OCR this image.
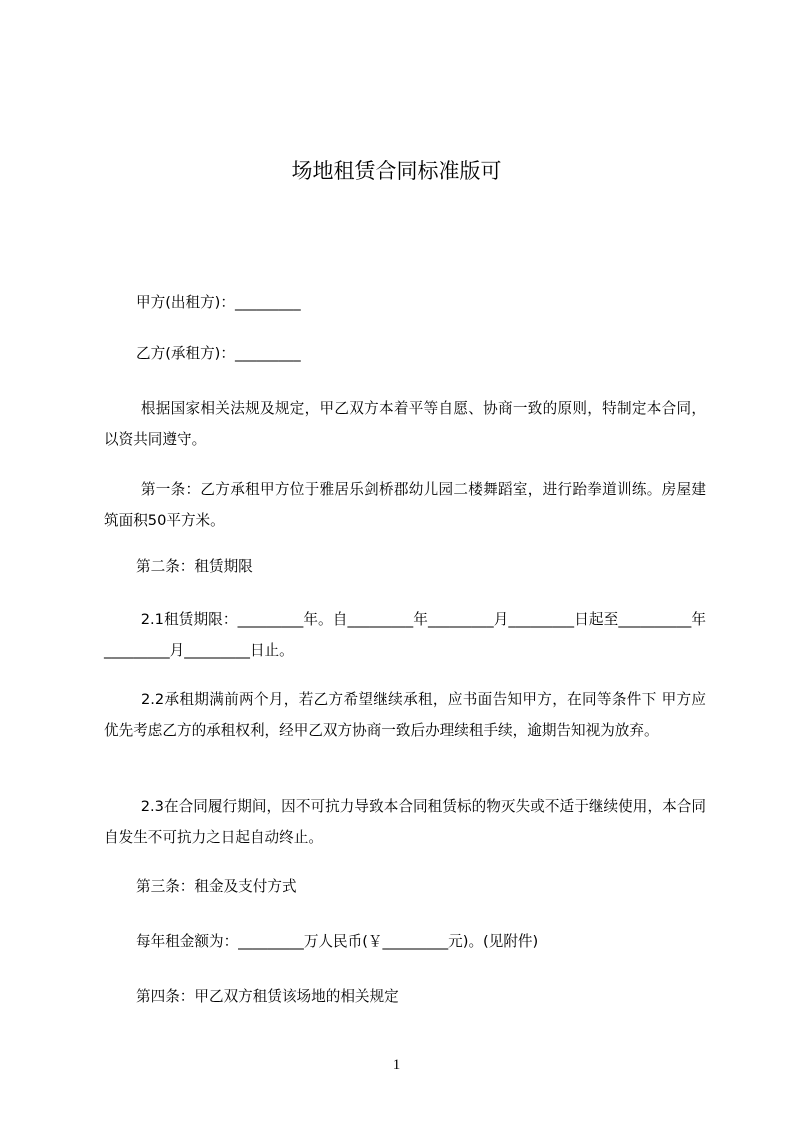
场地租赁合同标准版可

甲方(出租方)：_________

乙方(承租方)：_________

根据国家相关法规及规定，甲乙双方本着平等自愿、协商一致的原则，特制定本合同，以资共同遵守。

第一条：乙方承租甲方位于雅居乐剑桥郡幼儿园二楼舞蹈室，进行跆拳道训练。房屋建筑面积50平方米。

第二条：租赁期限

2.1租赁期限：_________年。自_________年_________月_________日起至__________年_________月_________日止。

2.2承租期满前两个月，若乙方希望继续承租，应书面告知甲方，在同等条件下 甲方应优先考虑乙方的承租权利，经甲乙双方协商一致后办理续租手续，逾期告知视为放弃。

2.3在合同履行期间，因不可抗力导致本合同租赁标的物灭失或不适于继续使用，本合同自发生不可抗力之日起自动终止。

第三条：租金及支付方式

每年租金额为：_________万人民币(￥_________元)。(见附件)

第四条：甲乙双方租赁该场地的相关规定

1
